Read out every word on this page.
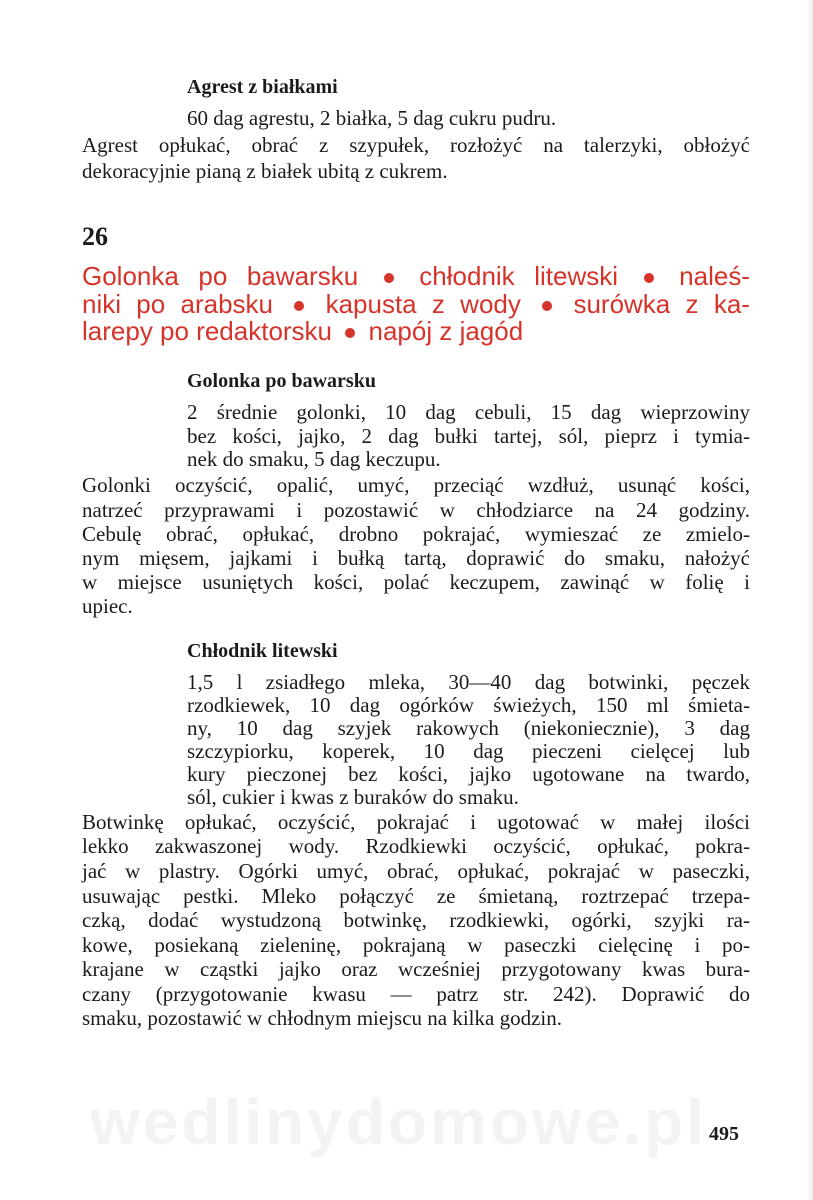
Agrest z białkami
60 dag agrestu, 2 białka, 5 dag cukru pudru.
Agrest opłukać, obrać z szypułek, rozłożyć na talerzyki, obłożyć
dekoracyjnie pianą z białek ubitą z cukrem.
26
Golonka po bawarsku chłodnik litewski naleś-
niki po arabsku kapusta z wody surówka z ka-
larepy po redaktorsku napój z jagód
Golonka po bawarsku
2 średnie golonki, 10 dag cebuli, 15 dag wieprzowiny
bez kości, jajko, 2 dag bułki tartej, sól, pieprz i tymia-
nek do smaku, 5 dag keczupu.
Golonki oczyścić, opalić, umyć, przeciąć wzdłuż, usunąć kości,
natrzeć przyprawami i pozostawić w chłodziarce na 24 godziny.
Cebulę obrać, opłukać, drobno pokrajać, wymieszać ze zmielo-
nym mięsem, jajkami i bułką tartą, doprawić do smaku, nałożyć
w miejsce usuniętych kości, polać keczupem, zawinąć w folię i
upiec.
Chłodnik litewski
1,5 l zsiadłego mleka, 30—40 dag botwinki, pęczek
rzodkiewek, 10 dag ogórków świeżych, 150 ml śmieta-
ny, 10 dag szyjek rakowych (niekoniecznie), 3 dag
szczypiorku, koperek, 10 dag pieczeni cielęcej lub
kury pieczonej bez kości, jajko ugotowane na twardo,
sól, cukier i kwas z buraków do smaku.
Botwinkę opłukać, oczyścić, pokrajać i ugotować w małej ilości
lekko zakwaszonej wody. Rzodkiewki oczyścić, opłukać, pokra-
jać w plastry. Ogórki umyć, obrać, opłukać, pokrajać w paseczki,
usuwając pestki. Mleko połączyć ze śmietaną, roztrzepać trzepa-
czką, dodać wystudzoną botwinkę, rzodkiewki, ogórki, szyjki ra-
kowe, posiekaną zieleninę, pokrajaną w paseczki cielęcinę i po-
krajane w cząstki jajko oraz wcześniej przygotowany kwas bura-
czany (przygotowanie kwasu — patrz str. 242). Doprawić do
smaku, pozostawić w chłodnym miejscu na kilka godzin.
wedlinydomowe.pl 495
